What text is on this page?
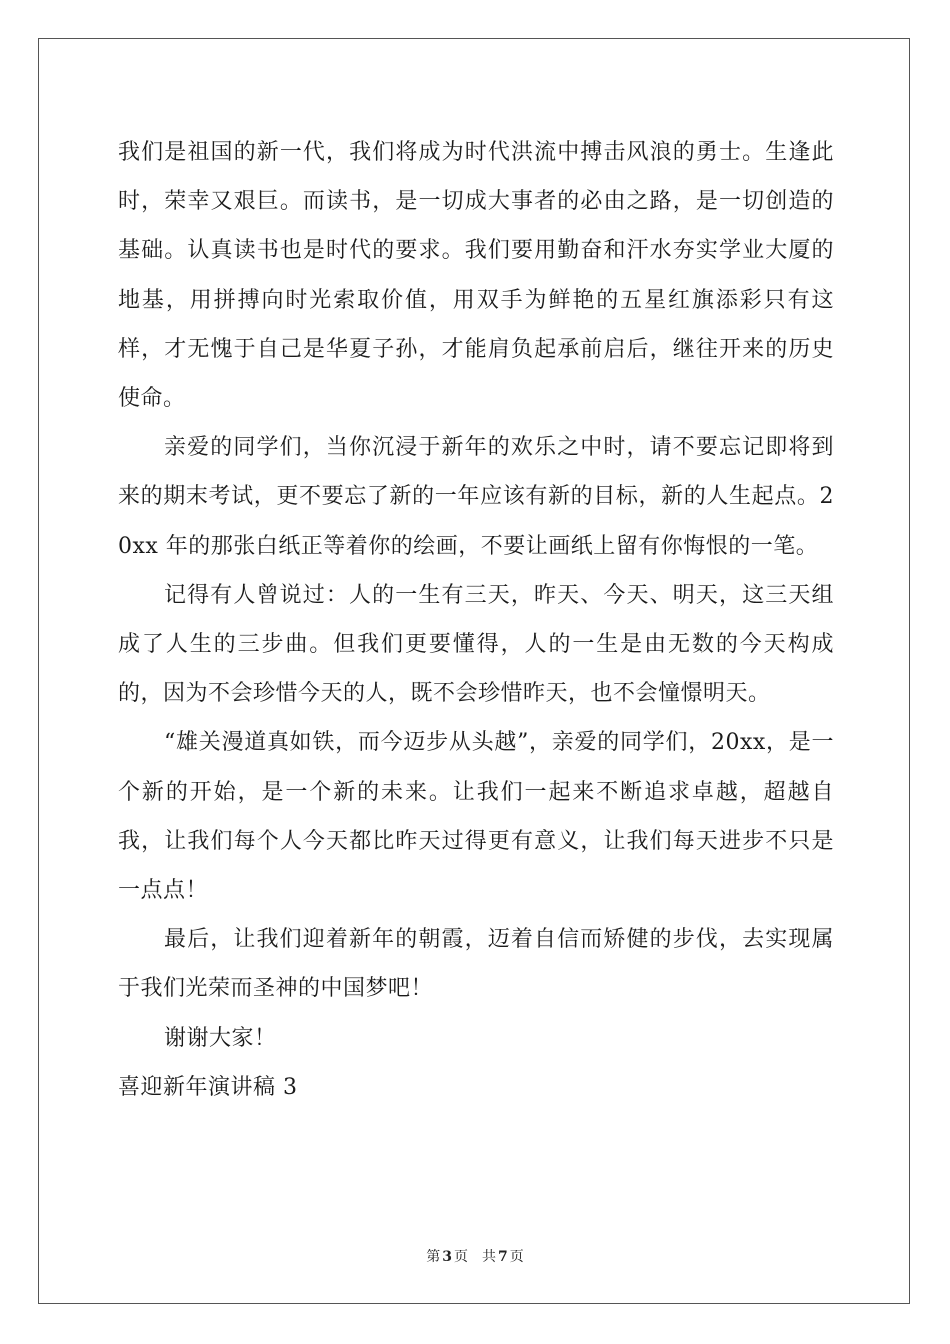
我们是祖国的新一代，我们将成为时代洪流中搏击风浪的勇士。生逢此时，荣幸又艰巨。而读书，是一切成大事者的必由之路，是一切创造的基础。认真读书也是时代的要求。我们要用勤奋和汗水夯实学业大厦的地基，用拼搏向时光索取价值，用双手为鲜艳的五星红旗添彩只有这样，才无愧于自己是华夏子孙，才能肩负起承前启后，继往开来的历史使命。

亲爱的同学们，当你沉浸于新年的欢乐之中时，请不要忘记即将到来的期末考试，更不要忘了新的一年应该有新的目标，新的人生起点。20xx 年的那张白纸正等着你的绘画，不要让画纸上留有你悔恨的一笔。

记得有人曾说过：人的一生有三天，昨天、今天、明天，这三天组成了人生的三步曲。但我们更要懂得，人的一生是由无数的今天构成的，因为不会珍惜今天的人，既不会珍惜昨天，也不会憧憬明天。

“雄关漫道真如铁，而今迈步从头越”，亲爱的同学们，20xx，是一个新的开始，是一个新的未来。让我们一起来不断追求卓越，超越自我，让我们每个人今天都比昨天过得更有意义，让我们每天进步不只是一点点！

最后，让我们迎着新年的朝霞，迈着自信而矫健的步伐，去实现属于我们光荣而圣神的中国梦吧！

谢谢大家！

喜迎新年演讲稿 3

第 3 页 共 7 页
